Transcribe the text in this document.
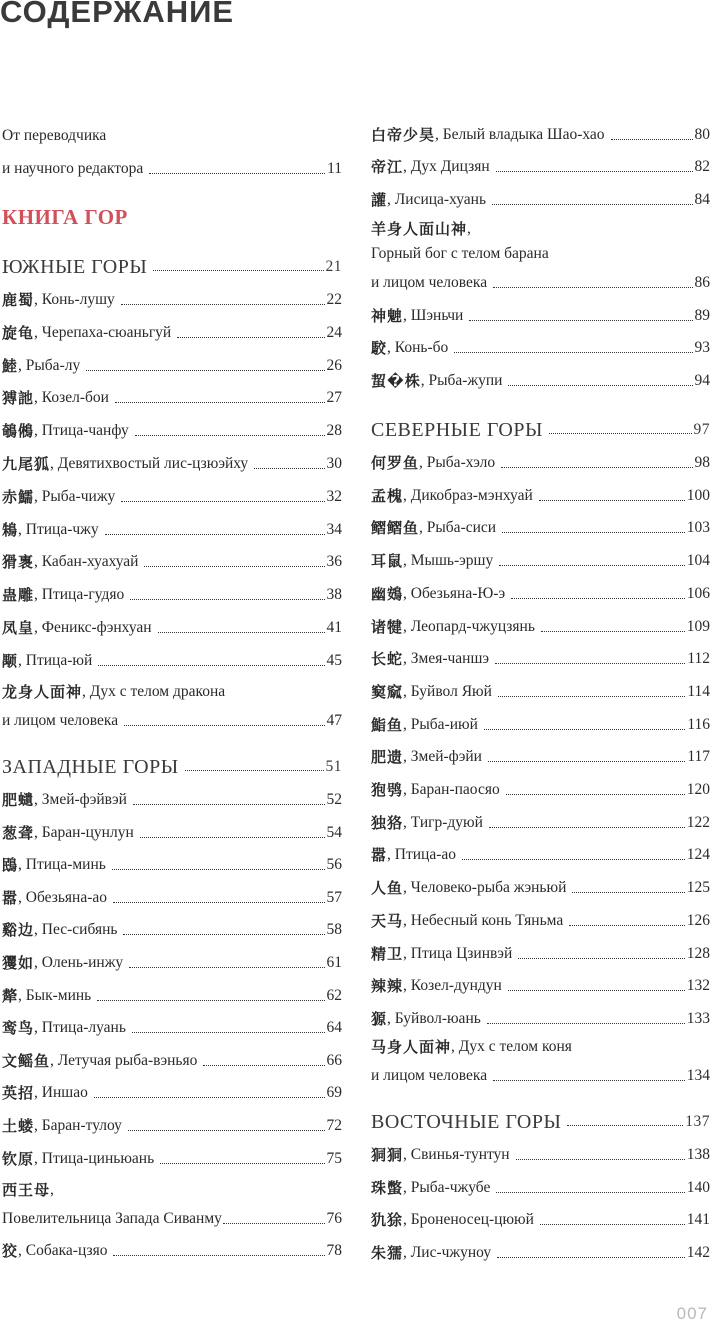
СОДЕРЖАНИЕ
От переводчика
и научного редактора	11
КНИГА ГОР
ЮЖНЫЕ ГОРЫ	21
鹿蜀 , Конь-лушу	22
旋龟 , Черепаха-сюаньгуй	24
鯥 , Рыба-лу	26
猼訑 , Козел-бои	27
鵸鵂 , Птица-чанфу	28
九尾狐 , Девятихвостый лис-цзюэйху	30
赤鱬 , Рыба-чижу	32
鴸 , Птица-чжу	34
猾褢 , Кабан-хуахуай	36
蛊雕 , Птица-гудяо	38
凤皇 , Феникс-фэнхуан	41
颙 , Птица-юй	45
龙身人面神 , Дух с телом дракона
и лицом человека	47
ЗАПАДНЫЕ ГОРЫ	51
肥𧔥 , Змей-фэйвэй	52
葱聋 , Баран-цунлун	54
鴖 , Птица-минь	56
嚣 , Обезьяна-ао	57
谿边 , Пес-сибянь	58
玃如 , Олень-инжу	61
犛 , Бык-минь	62
鸾鸟 , Птица-луань	64
文鳐鱼 , Летучая рыба-вэньяо	66
英招 , Иншао	69
土蝼 , Баран-тулоу	72
钦原 , Птица-циньюань	75
西王母 ,
Повелительница Запада Сиванму	76
狡 , Собака-цзяо	78
白帝少昊 , Белый владыка Шао-хао	80
帝江 , Дух Дицзян	82
讙 , Лисица-хуань	84
羊身人面山神 ,
Горный бог с телом барана
и лицом человека	86
神䰠 , Шэньчи	89
駮 , Конь-бо	93
蛪�株 , Рыба-жупи	94
СЕВЕРНЫЕ ГОРЫ	97
何罗鱼 , Рыба-хэло	98
孟槐 , Дикобраз-мэнхуай	100
鳛鳛鱼 , Рыба-сиси	103
耳鼠 , Мышь-эршу	104
幽鴳 , Обезьяна-Ю-э	106
诸犍 , Леопард-чжуцзянь	109
长蛇 , Змея-чаншэ	112
窫窳 , Буйвол Яюй	114
鮨鱼 , Рыба-июй	116
肥遗 , Змей-фэйи	117
狍鸮 , Баран-паосяо	120
独狢 , Тигр-дуюй	122
嚣 , Птица-ао	124
人鱼 , Человеко-рыба жэньюй	125
天马 , Небесный конь Тяньма	126
精卫 , Птица Цзинвэй	128
辣辣 , Козел-дундун	132
獂 , Буйвол-юань	133
马身人面神 , Дух с телом коня
и лицом человека	134
ВОСТОЧНЫЕ ГОРЫ	137
狪狪 , Свинья-тунтун	138
珠蟞 , Рыба-чжубе	140
犰狳 , Броненосец-цююй	141
朱獳 , Лис-чжуноу	142
007
